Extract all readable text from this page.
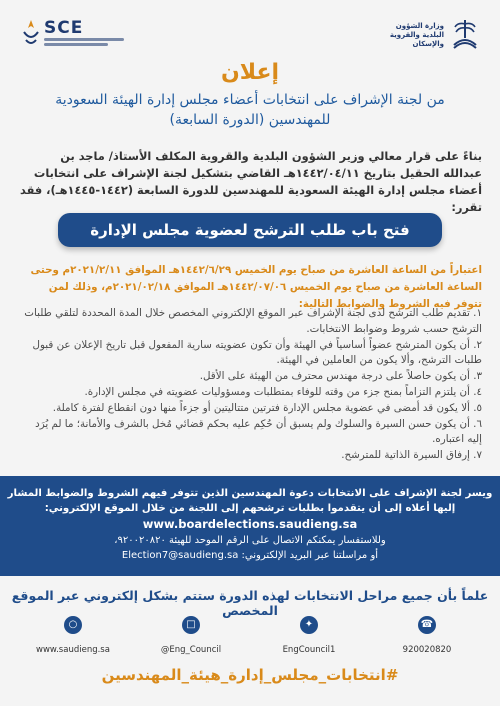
SCE	وزارة الشؤون البلدية والقروية والإسكان
إعلان
من لجنة الإشراف على انتخابات أعضاء مجلس إدارة الهيئة السعودية للمهندسين (الدورة السابعة)
بناءً على قرار معالي وزير الشؤون البلدية والقروية المكلف الأستاذ/ ماجد بن عبدالله الحقيل بتاريخ ١٤٤٢/٠٤/١١هـ القاضي بتشكيل لجنة الإشراف على انتخابات أعضاء مجلس إدارة الهيئة السعودية للمهندسين للدورة السابعة (١٤٤٢-١٤٤٥هـ)، فقد تقرر:
فتح باب طلب الترشح لعضوية مجلس الإدارة
اعتباراً من الساعة العاشرة من صباح يوم الخميس ١٤٤٢/٦/٢٩هـ الموافق ٢٠٢١/٢/١١م وحتى الساعة العاشرة من صباح يوم الخميس ١٤٤٢/٠٧/٠٦هـ الموافق ٢٠٢١/٠٢/١٨م، وذلك لمن تتوفر فيه الشروط والضوابط التالية:
١. تقديم طلب الترشح لدى لجنة الإشراف عبر الموقع الإلكتروني المخصص خلال المدة المحددة لتلقي طلبات الترشح حسب شروط وضوابط الانتخابات.
٢. أن يكون المترشح عضواً أساسياً في الهيئة وأن تكون عضويته سارية المفعول قبل تاريخ الإعلان عن قبول طلبات الترشح، وألا يكون من العاملين في الهيئة.
٣. أن يكون حاصلاً على درجة مهندس محترف من الهيئة على الأقل.
٤. أن يلتزم التزاماً بمنح جزء من وقته للوفاء بمتطلبات ومسؤوليات عضويته في مجلس الإدارة.
٥. ألا يكون قد أمضى في عضوية مجلس الإدارة فترتين متتاليتين أو جزءاً منها دون انقطاع لفترة كاملة.
٦. أن يكون حسن السيرة والسلوك ولم يسبق أن حُكِم عليه بحكم قضائي مُخل بالشرف والأمانة؛ ما لم يُرَد إليه اعتباره.
٧. إرفاق السيرة الذاتية للمترشح.
ويسر لجنة الإشراف على الانتخابات دعوة المهندسين الذين تتوفر فيهم الشروط والضوابط المشار إليها أعلاه إلى أن يتقدموا بطلبات ترشحهم إلى اللجنة من خلال الموقع الإلكتروني:
www.boardelections.saudieng.sa
وللاستفسار يمكنكم الاتصال على الرقم الموحد للهيئة ٩٢٠٠٢٠٨٢٠،
أو مراسلتنا عبر البريد الإلكتروني: Election7@saudieng.sa
علماً بأن جميع مراحل الانتخابات لهذه الدورة ستتم بشكل إلكتروني عبر الموقع المخصص
○
www.saudieng.sa
□
@Eng_Council
✦
EngCouncil1
☎
920020820
#انتخابات_مجلس_إدارة_هيئة_المهندسين
